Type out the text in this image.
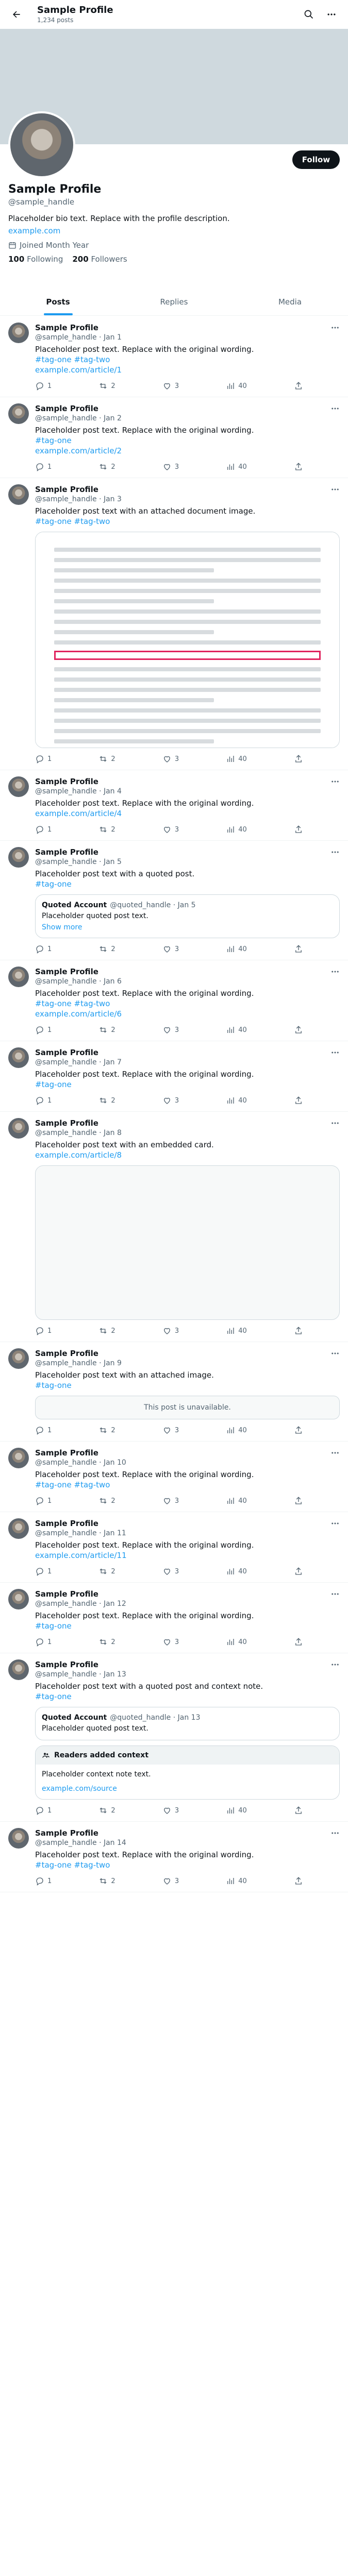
Sample Profile
1,234 posts
Follow
Sample Profile
@sample_handle
Placeholder bio text. Replace with the profile description.
example.com
Joined Month Year
100 Following 200 Followers
Posts	Replies	Media
Sample Profile
@sample_handle · Jan 1
Placeholder post text. Replace with the original wording.
#tag-one #tag-two
example.com/article/1
1	2	3	40
Sample Profile
@sample_handle · Jan 2
Placeholder post text. Replace with the original wording.
#tag-one
example.com/article/2
1	2	3	40
Sample Profile
@sample_handle · Jan 3
Placeholder post text with an attached document image.
#tag-one #tag-two
1	2	3	40
Sample Profile
@sample_handle · Jan 4
Placeholder post text. Replace with the original wording.
example.com/article/4
1	2	3	40
Sample Profile
@sample_handle · Jan 5
Placeholder post text with a quoted post.
#tag-one
Quoted Account @quoted_handle · Jan 5
Placeholder quoted post text.
Show more
1	2	3	40
Sample Profile
@sample_handle · Jan 6
Placeholder post text. Replace with the original wording.
#tag-one #tag-two
example.com/article/6
1	2	3	40
Sample Profile
@sample_handle · Jan 7
Placeholder post text. Replace with the original wording.
#tag-one
1	2	3	40
Sample Profile
@sample_handle · Jan 8
Placeholder post text with an embedded card.
example.com/article/8
1	2	3	40
Sample Profile
@sample_handle · Jan 9
Placeholder post text with an attached image.
#tag-one
This post is unavailable.
1	2	3	40
Sample Profile
@sample_handle · Jan 10
Placeholder post text. Replace with the original wording.
#tag-one #tag-two
1	2	3	40
Sample Profile
@sample_handle · Jan 11
Placeholder post text. Replace with the original wording.
example.com/article/11
1	2	3	40
Sample Profile
@sample_handle · Jan 12
Placeholder post text. Replace with the original wording.
#tag-one
1	2	3	40
Sample Profile
@sample_handle · Jan 13
Placeholder post text with a quoted post and context note.
#tag-one
Quoted Account @quoted_handle · Jan 13
Placeholder quoted post text.
Readers added context
Placeholder context note text.
example.com/source
1	2	3	40
Sample Profile
@sample_handle · Jan 14
Placeholder post text. Replace with the original wording.
#tag-one #tag-two
1	2	3	40
